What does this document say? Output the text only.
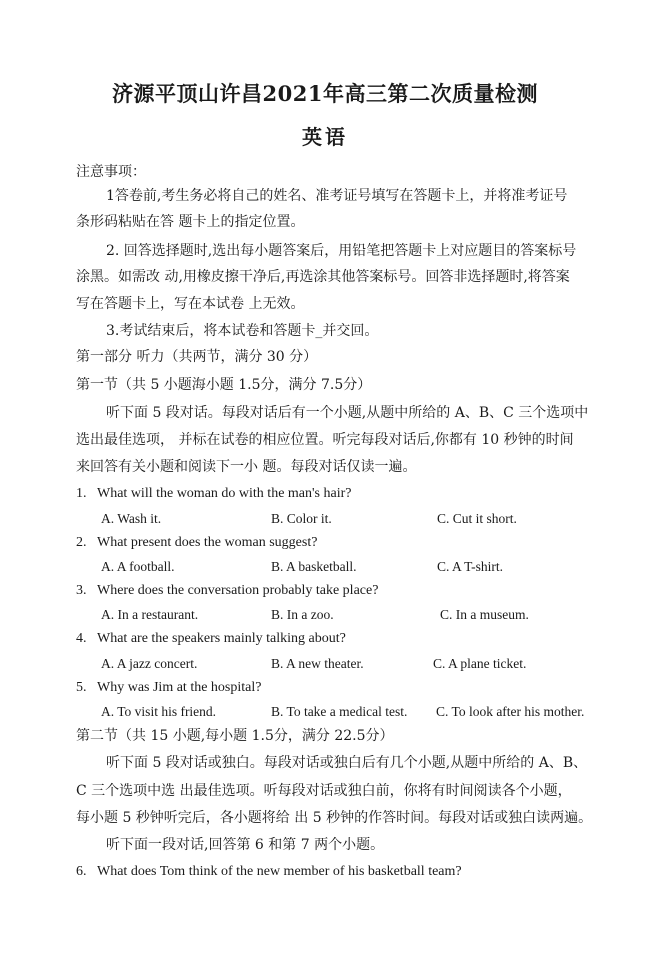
济源平顶山许昌2021年高三第二次质量检测
英语
注意事项：
1答卷前,考生务必将自己的姓名、准考证号填写在答题卡上，并将准考证号
条形码粘贴在答 题卡上的指定位置。
2. 回答选择题时,选出每小题答案后，用铅笔把答题卡上对应题目的答案标号
涂黑。如需改 动,用橡皮擦干净后,再选涂其他答案标号。回答非选择题时,将答案
写在答题卡上，写在本试卷 上无效。
3.考试结束后，将本试卷和答题卡_并交回。
第一部分 听力（共两节，满分 30 分）
第一节（共 5 小题海小题 1.5分，满分 7.5分）
听下面 5 段对话。每段对话后有一个小题,从题中所给的 A、B、C 三个选项中
选出最佳选项， 并标在试卷的相应位置。听完每段对话后,你都有 10 秒钟的时间
来回答有关小题和阅读下一小 题。每段对话仅读一遍。
1. What will the woman do with the man's hair?
A. Wash it.	B. Color it.	C. Cut it short.
2. What present does the woman suggest?
A. A football.	B. A basketball.	C. A T-shirt.
3. Where does the conversation probably take place?
A. In a restaurant.	B. In a zoo.	C. In a museum.
4. What are the speakers mainly talking about?
A. A jazz concert.	B. A new theater.	C. A plane ticket.
5. Why was Jim at the hospital?
A. To visit his friend.	B. To take a medical test. C. To look after his mother.
第二节（共 15 小题,每小题 1.5分，满分 22.5分）
听下面 5 段对话或独白。每段对话或独白后有几个小题,从题中所给的 A、B、
C 三个选项中选 出最佳选项。听每段对话或独白前，你将有时间阅读各个小题，
每小题 5 秒钟听完后，各小题将给 出 5 秒钟的作答时间。每段对话或独白读两遍。
听下面一段对话,回答第 6 和第 7 两个小题。
6. What does Tom think of the new member of his basketball team?
